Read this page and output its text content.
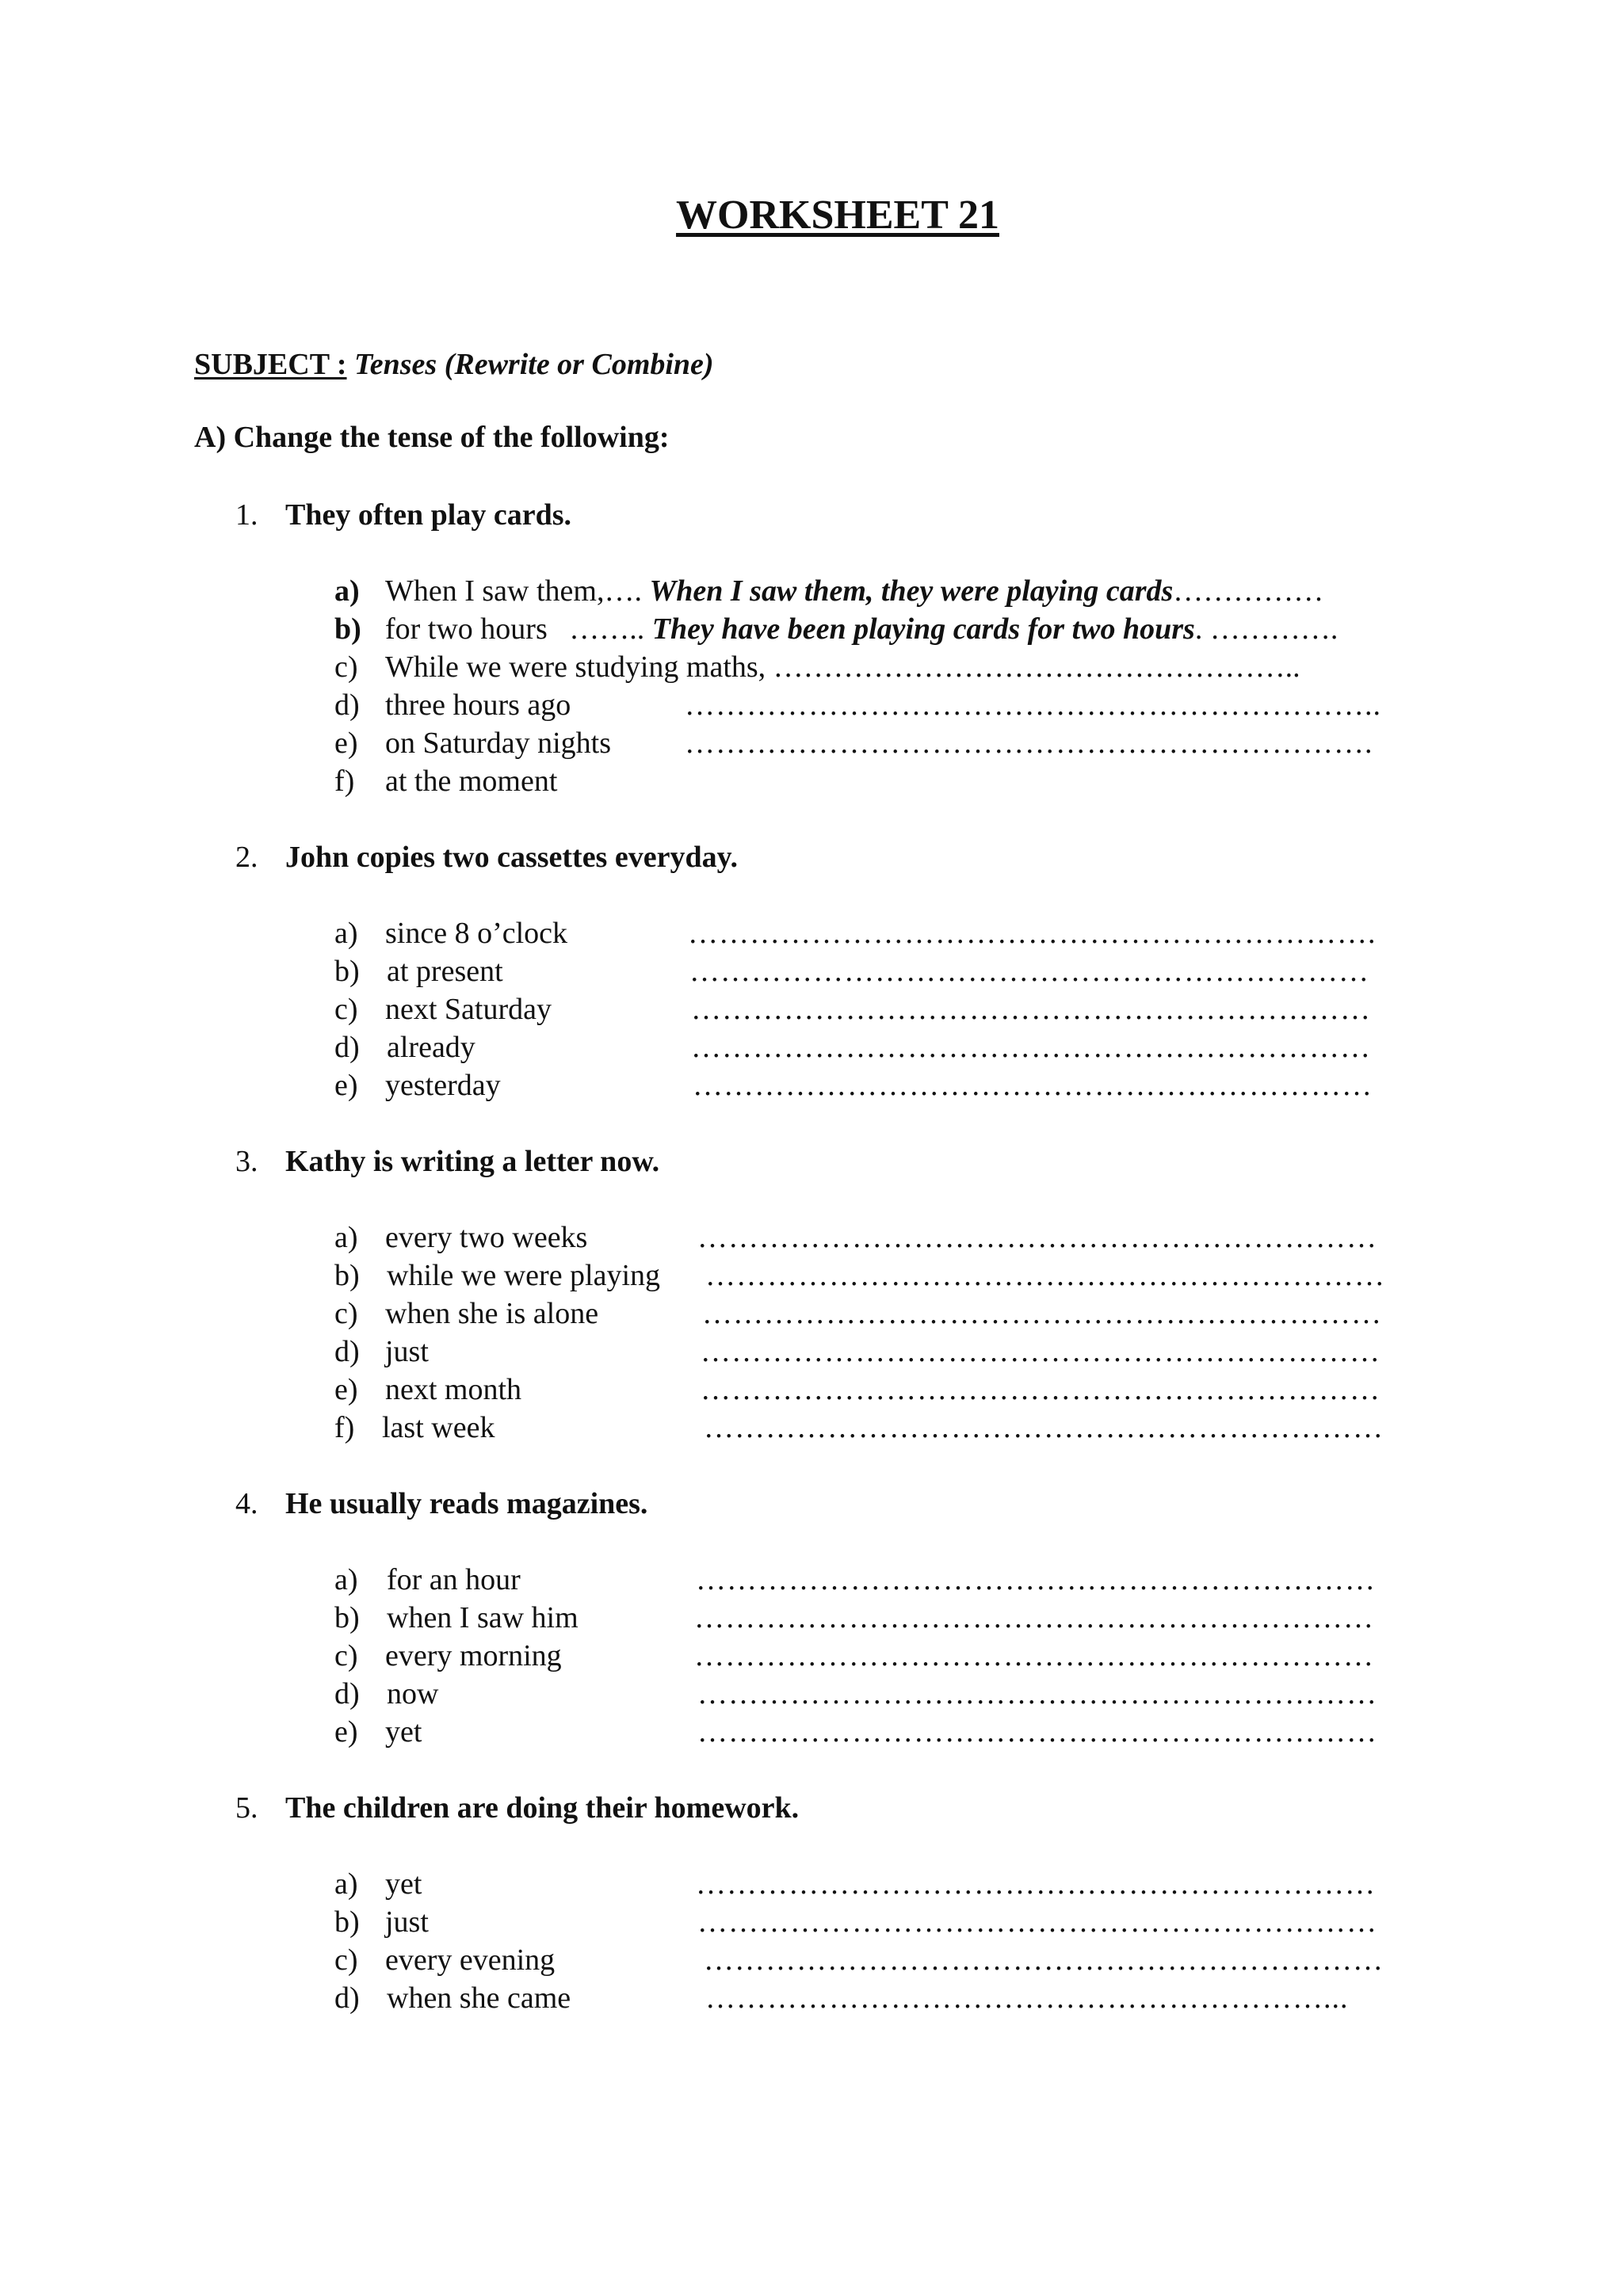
WORKSHEET 21
SUBJECT : Tenses (Rewrite or Combine)
A) Change the tense of the following:
1. They often play cards.
a) When I saw them,…. When I saw them, they were playing cards……………
b) for two hours …….. They have been playing cards for two hours. ………….
c) While we were studying maths, ……………………………………………..
d) three hours ago	…………………………………………………………..
e) on Saturday nights ………………………………………………………….
f) at the moment
2. John copies two cassettes everyday.
a) since 8 o’clock	………………………………………………………….
b) at present	…………………………………………………………
c) next Saturday	…………………………………………………………
d) already	…………………………………………………………
e) yesterday	…………………………………………………………
3. Kathy is writing a letter now.
a) every two weeks	…………………………………………………………
b) while we were playing …………………………………………………………
c) when she is alone	…………………………………………………………
d) just	…………………………………………………………
e) next month	…………………………………………………………
f) last week	…………………………………………………………
4. He usually reads magazines.
a) for an hour	…………………………………………………………
b) when I saw him	…………………………………………………………
c) every morning	…………………………………………………………
d) now	…………………………………………………………
e) yet	…………………………………………………………
5. The children are doing their homework.
a) yet	…………………………………………………………
b) just	…………………………………………………………
c) every evening	…………………………………………………………
d) when she came	……………………………………………………...
